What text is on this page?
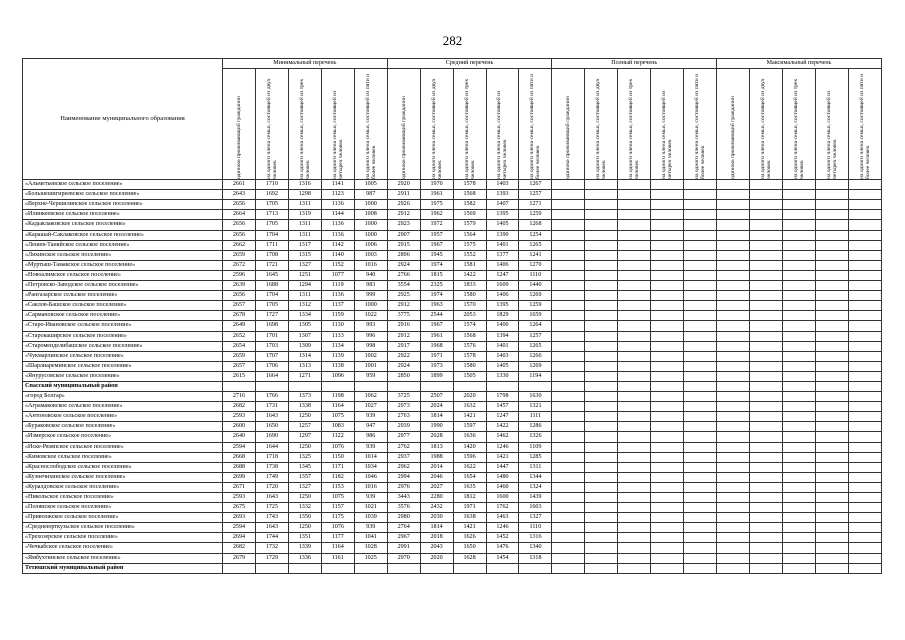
282
Наименование муниципального образования	Минимальный перечень					Средний перечень					Полный перечень					Максимальный перечень				

	одиноко проживающий гражданин	на одного члена семьи, состоящей из двух человек	на одного члена семьи, состоящей из трех человек	на одного члена семьи, состоящей из четырех человек	на одного члена семьи, состоящей из пяти и более человек	одиноко проживающий гражданин	на одного члена семьи, состоящей из двух человек	на одного члена семьи, состоящей из трех человек	на одного члена семьи, состоящей из четырех человек	на одного члена семьи, состоящей из пяти и более человек	одиноко проживающий гражданин	на одного члена семьи, состоящей из двух человек	на одного члена семьи, состоящей из трех человек	на одного члена семьи, состоящей из четырех человек	на одного члена семьи, состоящей из пяти и более человек	одиноко проживающий гражданин	на одного члена семьи, состоящей из двух человек	на одного члена семьи, состоящей из трех человек	на одного члена семьи, состоящей из четырех человек	на одного члена семьи, состоящей из пяти и более человек

«Альметьевское сельское поселение»	2661	1710	1316	1141	1005	2920	1970	1578	1403	1267										
«Большешигиреевское сельское поселение»	2643	1692	1298	1123	987	2911	1961	1568	1393	1257										
«Верхне-Чершилинское сельское поселение»	2656	1705	1311	1136	1000	2926	1975	1582	1407	1271										
«Илинкеевское сельское поселение»	2664	1713	1319	1144	1008	2912	1962	1569	1395	1259										
«Кадыклаковское сельское поселение»	2656	1705	1311	1136	1000	2923	1972	1579	1405	1268										
«Карашай-Саклаковское сельское поселение»	2656	1704	1311	1136	1000	2907	1957	1564	1390	1254										
«Лешев-Таняйское сельское поселение»	2662	1711	1317	1142	1006	2915	1967	1575	1401	1265										
«Ляхинское сельское поселение»	2659	1708	1315	1140	1003	2896	1945	1552	1377	1241										
«Муртыш-Тамакское сельское поселение»	2672	1721	1327	1152	1016	2924	1974	1581	1406	1270										
«Новоалимское сельское поселение»	2596	1645	1251	1077	940	2766	1815	1422	1247	1110										
«Петровско-Заводское сельское поселение»	2639	1688	1294	1119	983	3554	2325	1833	1609	1440										
«Рангазарское сельское поселение»	2656	1704	1311	1136	999	2925	1974	1580	1406	1269										
«Саклов-Башское сельское поселение»	2657	1705	1312	1137	1000	2912	1963	1570	1395	1259										
«Сармановское сельское поселение»	2678	1727	1334	1159	1022	3775	2544	2053	1829	1659										
«Старо-Ивановское сельское поселение»	2649	1698	1305	1130	993	2916	1967	1574	1400	1264										
«Старокаширское сельское поселение»	2652	1701	1307	1133	996	2912	1961	1568	1394	1257										
«Староменделибашское сельское поселение»	2654	1703	1309	1134	998	2917	1968	1576	1401	1265										
«Чукмарлинское сельское поселение»	2659	1707	1314	1139	1002	2922	1971	1578	1403	1266										
«Шарлиареминское сельское поселение»	2657	1706	1313	1138	1001	2924	1973	1580	1405	1269										
«Янурусовское сельское поселение»	2615	1664	1271	1096	959	2850	1899	1505	1330	1194										
Спасский муниципальный район																				
«город Болгар»	2716	1766	1373	1198	1062	3725	2507	2020	1798	1630										
«Аграмаковское сельское поселение»	2682	1731	1338	1164	1027	2973	2024	1632	1457	1321										
«Антоновское сельское поселение»	2593	1643	1250	1075	939	2763	1814	1421	1247	1111										
«Бураковское сельское поселение»	2600	1650	1257	1083	947	2939	1990	1597	1422	1286										
«Измерское сельское поселение»	2640	1690	1297	1122	986	2977	2028	1636	1462	1326										
«Иске-Рязяпское сельское поселение»	2594	1644	1250	1076	939	2762	1813	1420	1246	1109										
«Кимовское сельское поселение»	2668	1718	1325	1150	1014	2937	1988	1596	1421	1285										
«Краснослободское сельское поселение»	2688	1738	1345	1171	1034	2962	2014	1622	1447	1311										
«Кузнечихинское сельское поселение»	2699	1749	1357	1182	1046	2994	2046	1654	1480	1344										
«Куралдовское сельское поселение»	2671	1720	1327	1153	1016	2976	2027	1635	1460	1324										
«Никольское сельское поселение»	2593	1643	1250	1075	939	3443	2280	1812	1600	1439										
«Полянское сельское поселение»	2675	1725	1332	1157	1021	3576	2432	1971	1762	1603										
«Приволжское сельское поселение»	2693	1743	1350	1175	1039	2980	2030	1638	1463	1327										
«Среднеюрткузьское сельское поселение»	2594	1643	1250	1076	939	2764	1814	1421	1246	1110										
«Трехозерское сельское поселение»	2694	1744	1351	1177	1041	2967	2018	1626	1452	1316										
«Чечкабское сельское поселение»	2682	1732	1339	1164	1028	2991	2043	1650	1476	1340										
«Ямбухтинское сельское поселение»	2679	1729	1336	1161	1025	2970	2020	1628	1454	1318										
Тетюшский муниципальный район																				
